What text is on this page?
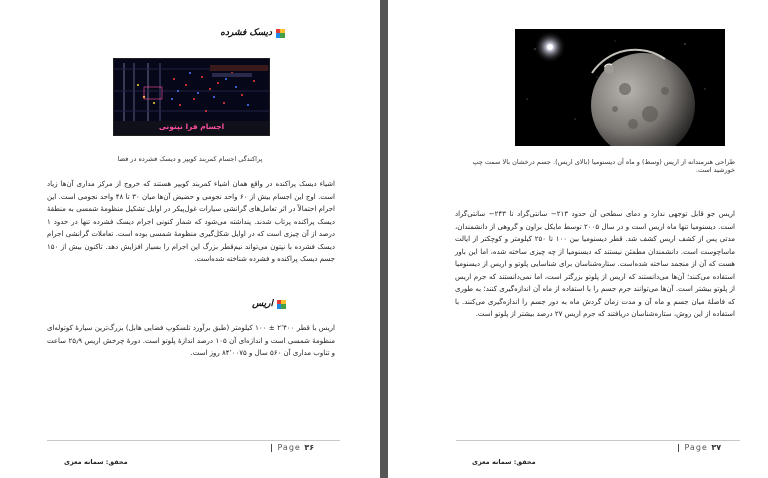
دیسک فشرده
اجسام فرا نپتونی
پراکندگی اجسام کمربند کویپر و دیسک فشرده در فضا
اشیاء دیسک پراکنده در واقع همان اشیاء کمربند کویپر هستند که خروج از مرکز مداری آن‌ها زیاد است. اوج این اجسام بیش از ۶۰ واحد نجومی و حضیض آن‌ها میان ۳۰ تا ۴۸ واحد نجومی است. این اجرام احتمالاً در اثر تعامل‌های گرانشی سیارات غول‌پیکر در اوایل تشکیل منظومهٔ شمسی به منطقهٔ دیسک پراکنده پرتاب شدند. پنداشته می‌شود که شمار کنونی اجرام دیسک فشرده تنها در حدود ۱ درصد از آن چیزی است که در اوایل شکل‌گیری منظومهٔ شمسی بوده است. تعاملات گرانشی اجرام دیسک فشرده با نپتون می‌تواند نیم‌قطر بزرگ این اجرام را بسیار افزایش دهد. تاکنون بیش از ۱۵۰ جسم دیسک پراکنده و فشرده شناخته شده‌است.
اریس
اریس با قطر ۲٬۴۰۰ ± ۱۰۰ کیلومتر (طبق برآورد تلسکوپ فضایی هابل) بزرگ‌ترین سیارهٔ کوتوله‌ای منظومهٔ شمسی است و اندازه‌ای آن ۱۰۵ درصد اندازهٔ پلوتو است. دورهٔ چرخش اریس ۲۵٫۹ ساعت و تناوب مداری آن ۵۶۰ سال و ۸۴٬۰۰۷۵ روز است.
| Page ۳۶
محقق: سمانه معزی
طراحی هنرمندانه از اریس (وسط) و ماه آن دیسنومیا (بالای اریس). جسم درخشان بالا سمت چپ خورشید است.
اریس جو قابل توجهی ندارد و دمای سطحی آن حدود ۲۱۳− سانتی‌گراد تا ۲۴۳− سانتی‌گراد است. دیسنومیا تنها ماه اریس است و در سال ۲۰۰۵ توسط مایکل براون و گروهی از دانشمندان، مدتی پس از کشف اریس کشف شد. قطر دیسنومیا بین ۱۰۰ تا ۲۵۰ کیلومتر و کوچکتر از ایالت ماساچوست است. دانشمندان مطمئن نیستند که دیسنومیا از چه چیزی ساخته شده، اما این باور هست که آن از منجمد ساخته شده‌است. ستاره‌شناسان برای شناسایی پلوتو و اریس از دیسنومیا استفاده می‌کنند؛ آن‌ها می‌دانستند که اریس از پلوتو بزرگتر است، اما نمی‌دانستند که جرم اریس از پلوتو بیشتر است. آن‌ها می‌توانند جرم جسم را با استفاده از ماه آن اندازه‌گیری کنند؛ به طوری که فاصلهٔ میان جسم و ماه آن و مدت زمان گردش ماه به دور جسم را اندازه‌گیری می‌کنند. با استفاده از این روش، ستاره‌شناسان دریافتند که جرم اریس ۲۷ درصد بیشتر از پلوتو است.
| Page ۳۷
محقق: سمانه معزی
